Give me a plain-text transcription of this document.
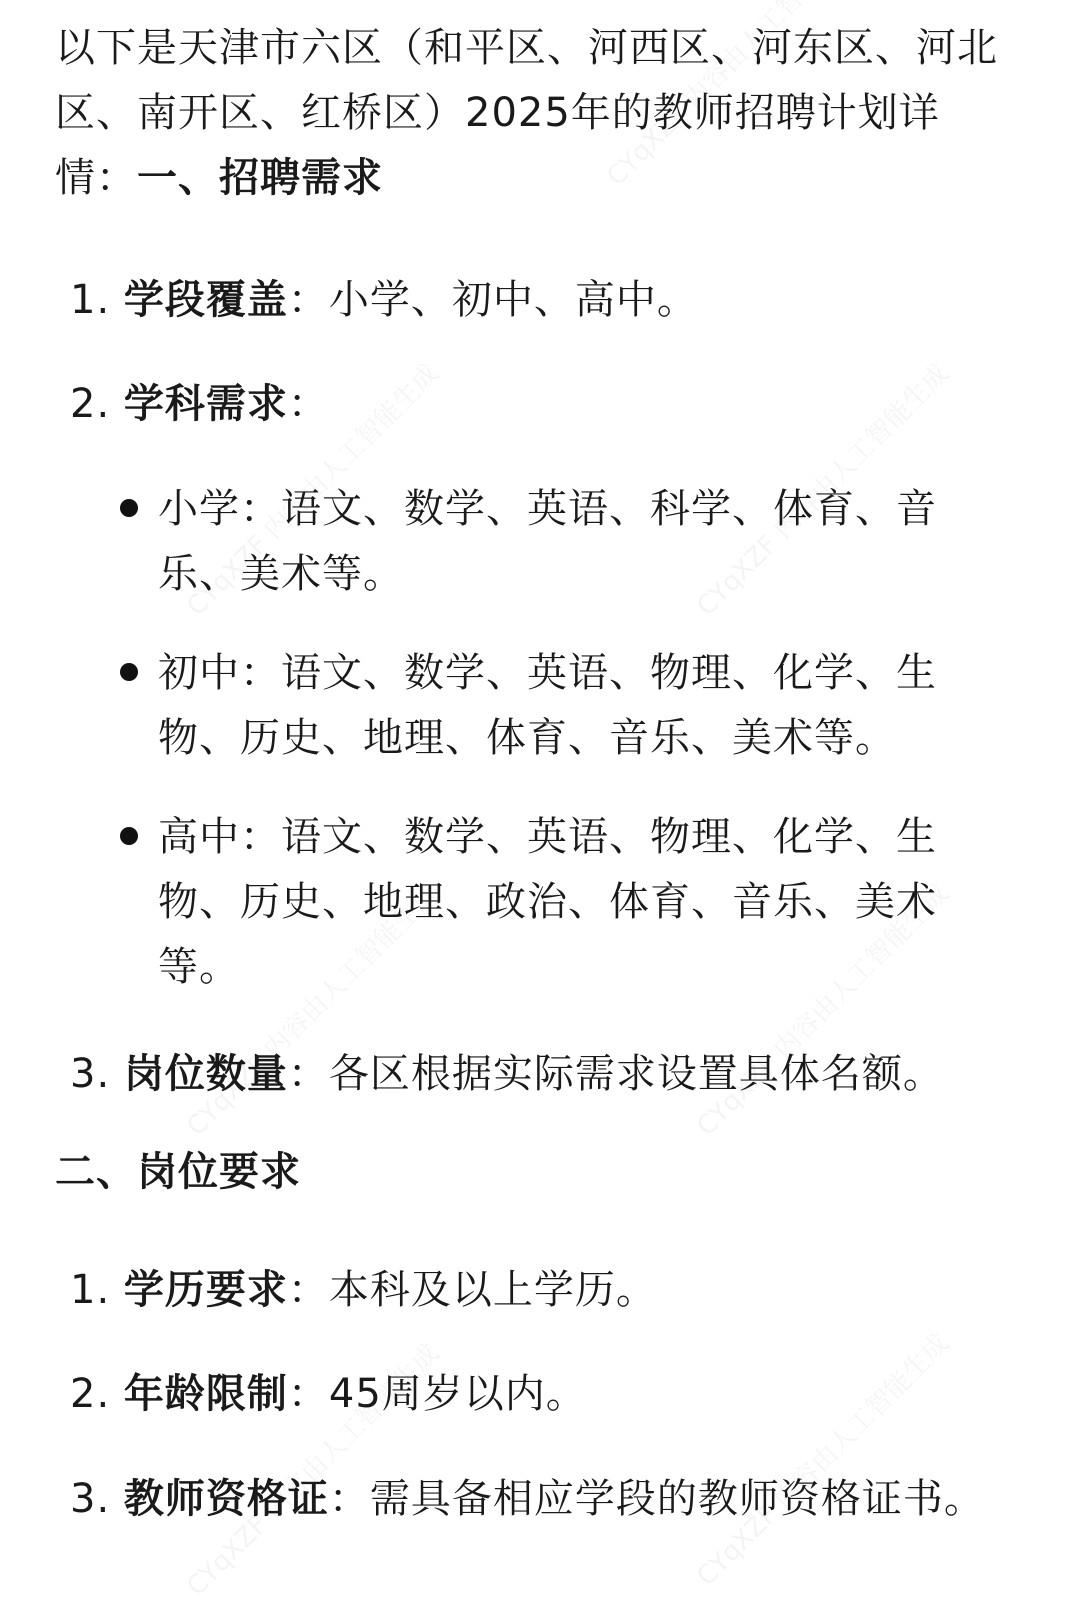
以下是天津市六区（和平区、河西区、河东区、河北
区、南开区、红桥区）2025年的教师招聘计划详
情：一、招聘需求
1. 学段覆盖：小学、初中、高中。
2. 学科需求：
小学：语文、数学、英语、科学、体育、音
乐、美术等。
初中：语文、数学、英语、物理、化学、生
物、历史、地理、体育、音乐、美术等。
高中：语文、数学、英语、物理、化学、生
物、历史、地理、政治、体育、音乐、美术
等。
3. 岗位数量：各区根据实际需求设置具体名额。
二、岗位要求
1. 学历要求：本科及以上学历。
2. 年龄限制：45周岁以内。
3. 教师资格证：需具备相应学段的教师资格证书。
